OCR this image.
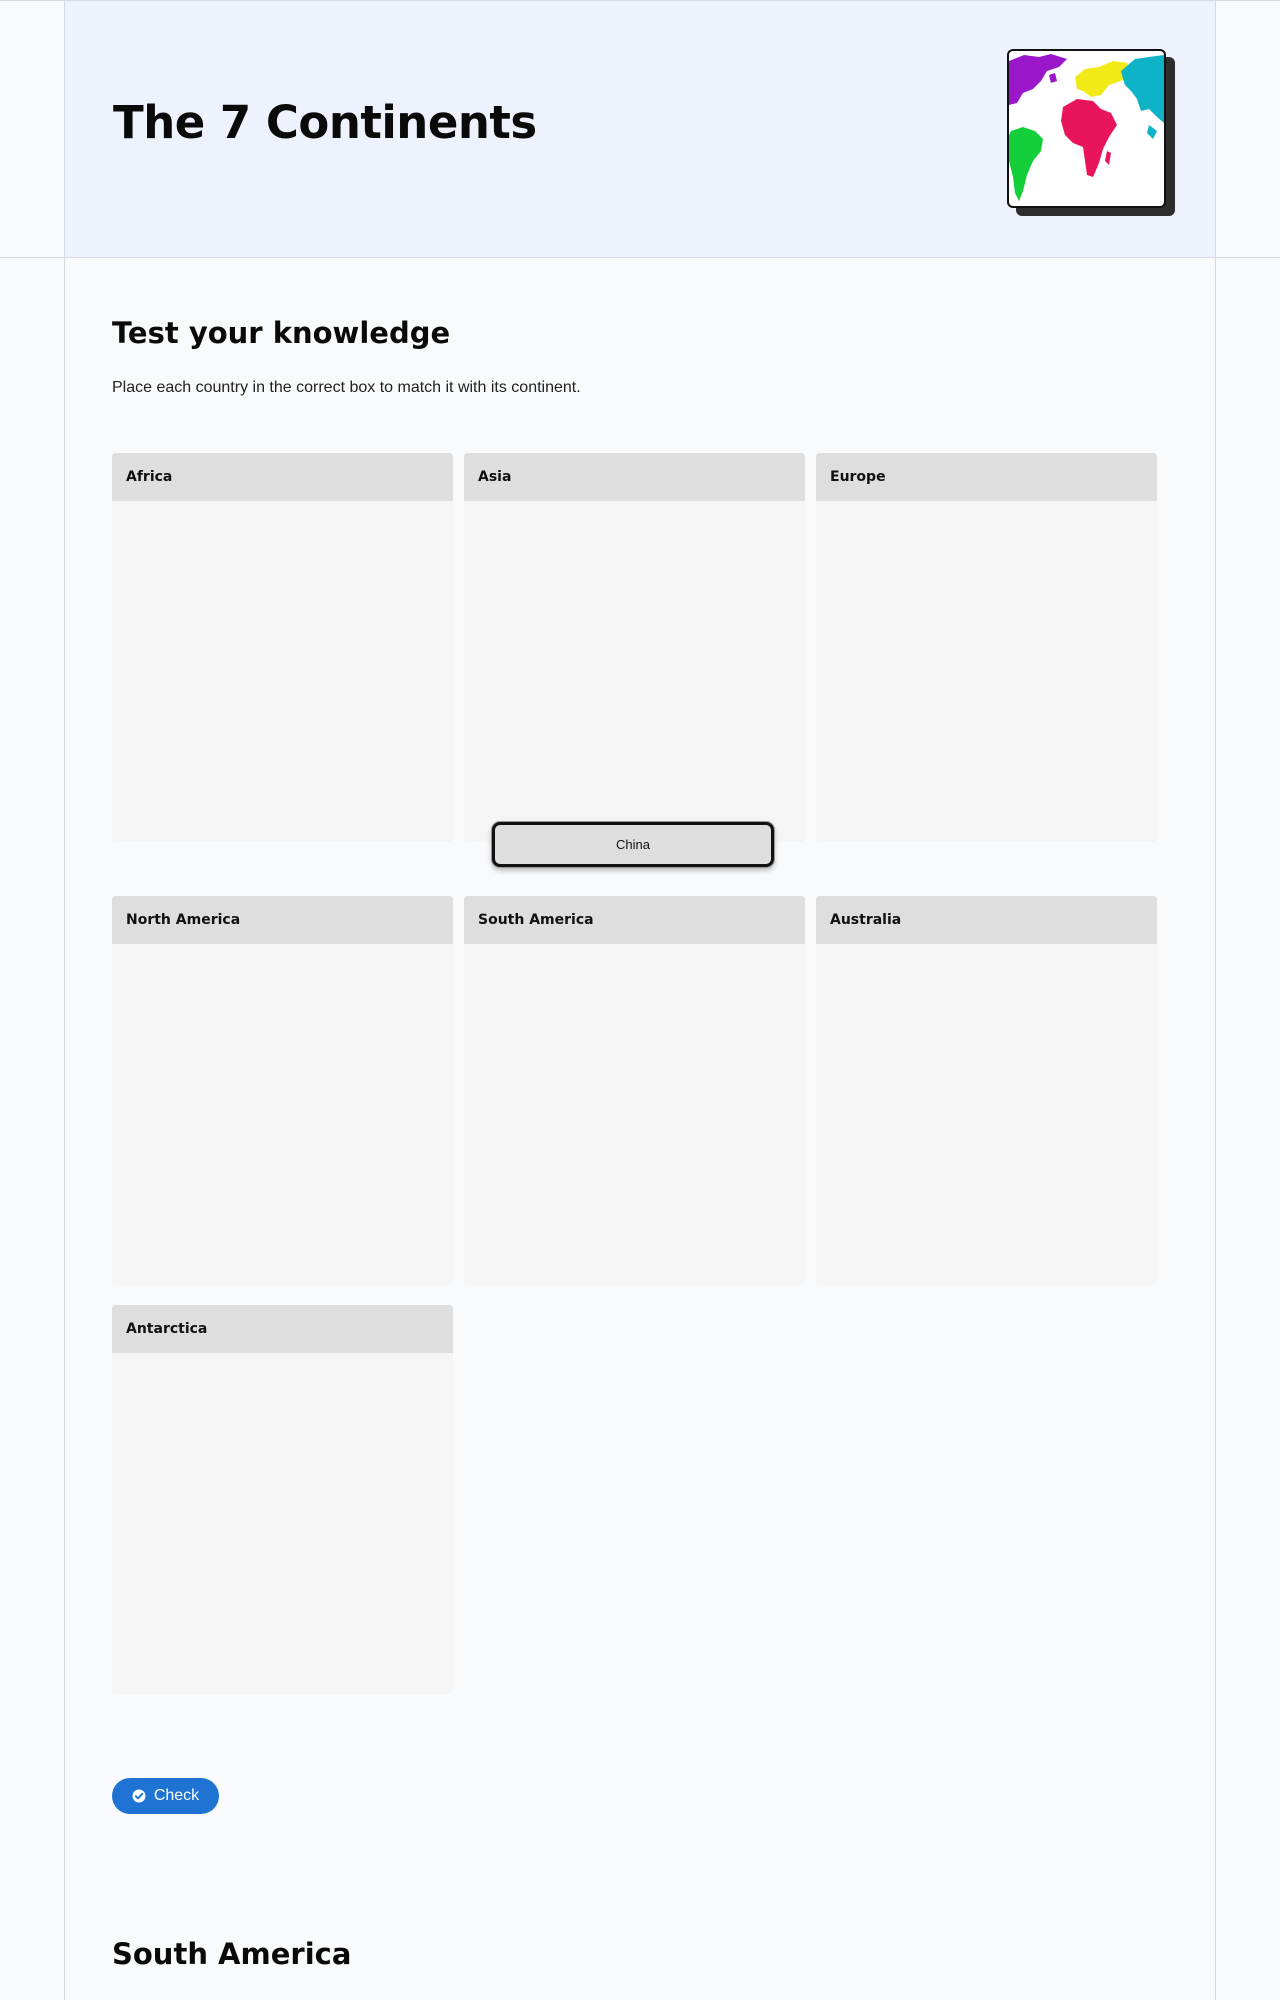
The 7 Continents
Test your knowledge

Place each country in the correct box to match it with its continent.

Africa	Asia	Europe
North America	South America	Australia
Antarctica
China
Check
South America
